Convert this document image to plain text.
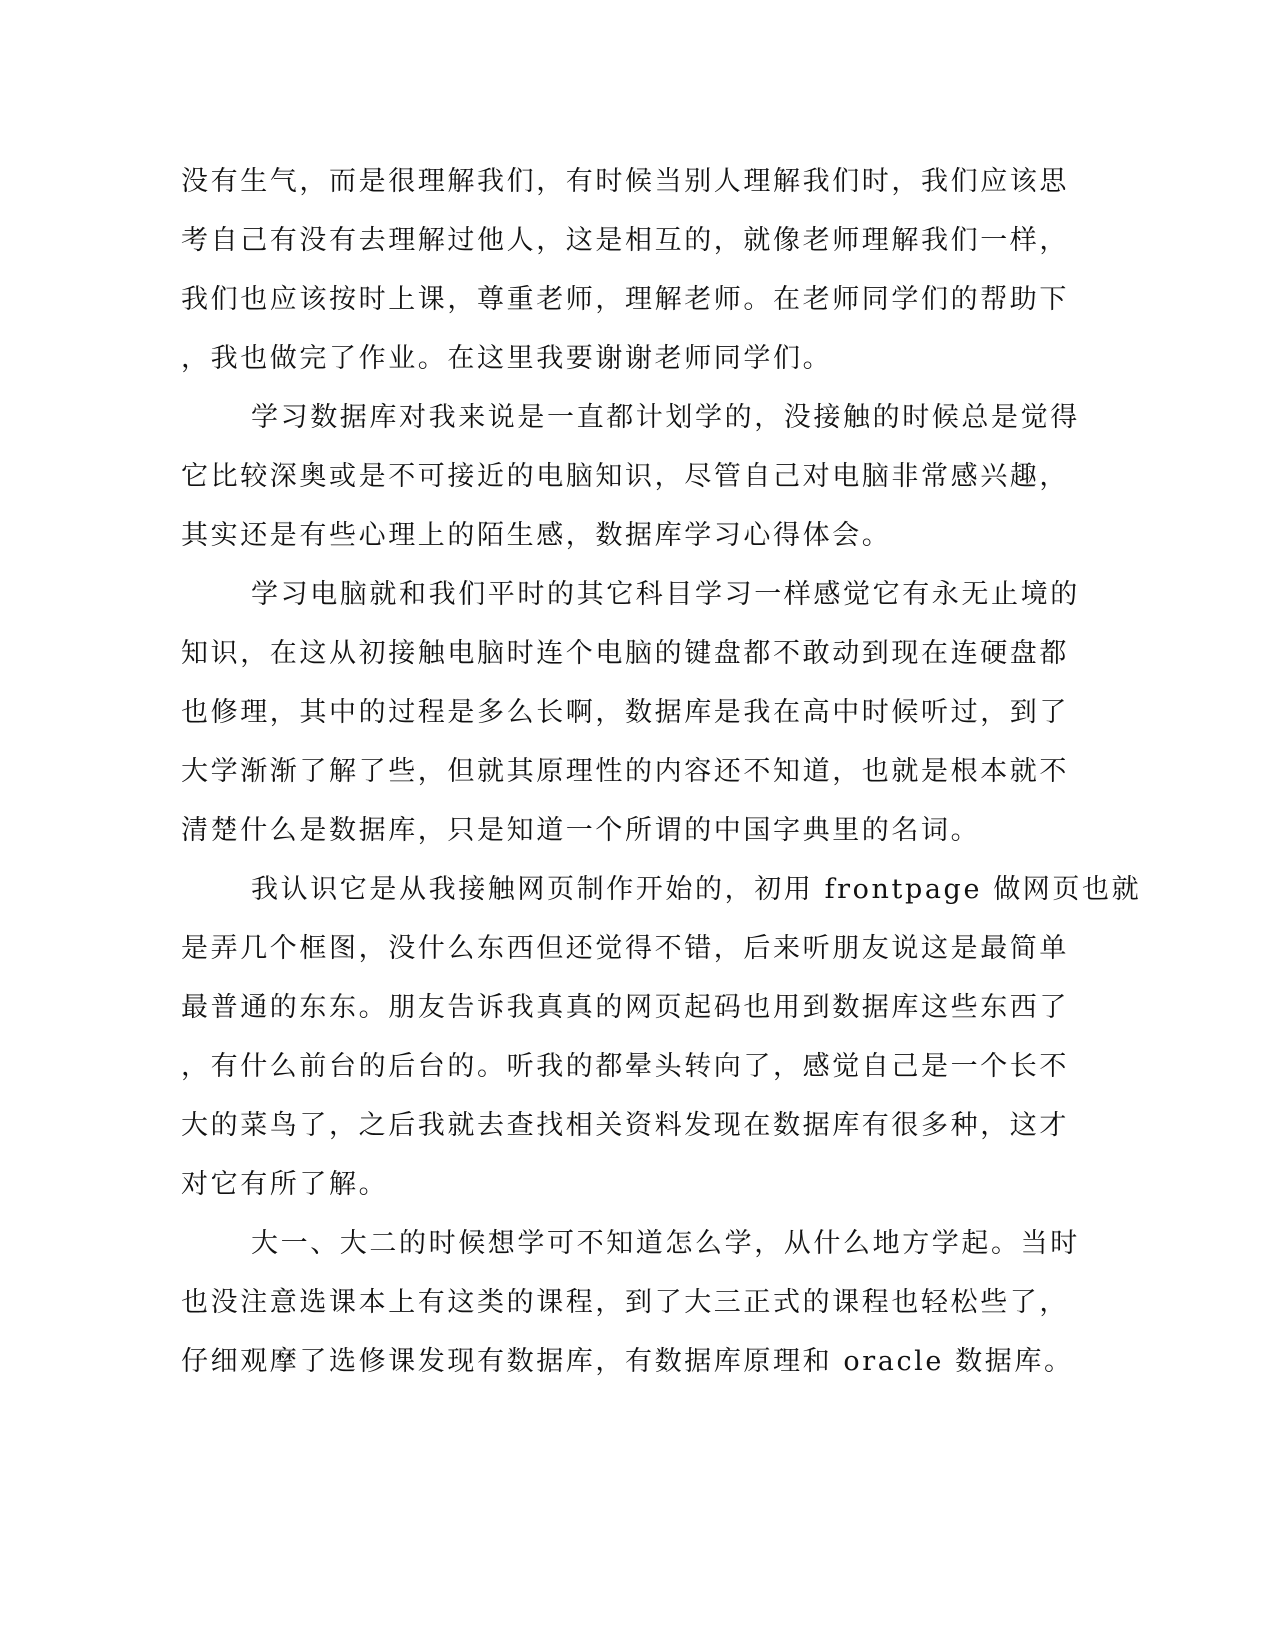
没有生气，而是很理解我们，有时候当别人理解我们时，我们应该思
考自己有没有去理解过他人，这是相互的，就像老师理解我们一样，
我们也应该按时上课，尊重老师，理解老师。在老师同学们的帮助下
，我也做完了作业。在这里我要谢谢老师同学们。
学习数据库对我来说是一直都计划学的，没接触的时候总是觉得
它比较深奥或是不可接近的电脑知识，尽管自己对电脑非常感兴趣，
其实还是有些心理上的陌生感，数据库学习心得体会。
学习电脑就和我们平时的其它科目学习一样感觉它有永无止境的
知识，在这从初接触电脑时连个电脑的键盘都不敢动到现在连硬盘都
也修理，其中的过程是多么长啊，数据库是我在高中时候听过，到了
大学渐渐了解了些，但就其原理性的内容还不知道，也就是根本就不
清楚什么是数据库，只是知道一个所谓的中国字典里的名词。
我认识它是从我接触网页制作开始的，初用 frontpage 做网页也就
是弄几个框图，没什么东西但还觉得不错，后来听朋友说这是最简单
最普通的东东。朋友告诉我真真的网页起码也用到数据库这些东西了
，有什么前台的后台的。听我的都晕头转向了，感觉自己是一个长不
大的菜鸟了，之后我就去查找相关资料发现在数据库有很多种，这才
对它有所了解。
大一、大二的时候想学可不知道怎么学，从什么地方学起。当时
也没注意选课本上有这类的课程，到了大三正式的课程也轻松些了，
仔细观摩了选修课发现有数据库，有数据库原理和 oracle 数据库。
